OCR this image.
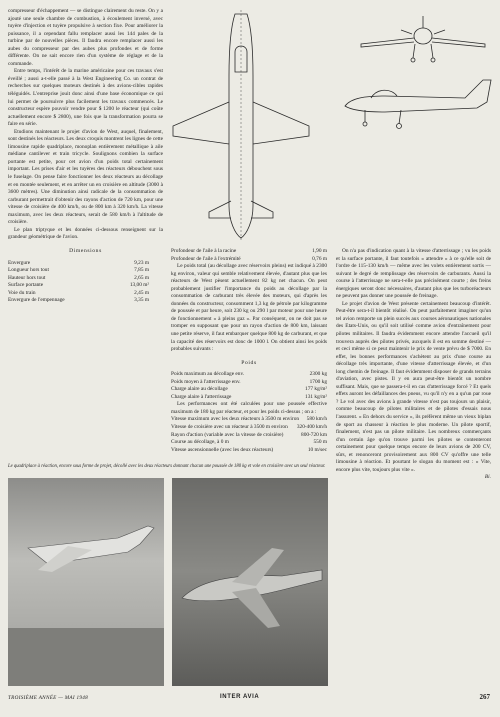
compresseur d'échappement — se distingue clairement du reste. On y a ajouté une seule chambre de combustion, à écoulement inversé, avec tuyère d'injection et tuyère propulsive à section fixe. Pour améliorer la puissance, il a cependant fallu remplacer aussi les 144 pales de la turbine par de nouvelles pièces. Il faudra encore remplacer aussi les aubes du compresseur par des aubes plus profondes et de forme différente. On ne sait encore rien d'un système de réglage et de la commande.

Entre temps, l'intérêt de la marine américaine pour ces travaux s'est éveillé ; aussi a-t-elle passé à la West Engineering Co. un contrat de recherches sur quelques moteurs destinés à des avions-cibles rapides téléguidés. L'entreprise jouit donc ainsi d'une base économique ce qui lui permet de poursuivre plus facilement les travaux commencés. Le constructeur espère pouvoir vendre pour $ 1200 le réacteur (qui coûte actuellement encore $ 2800), une fois que la transformation pourra se faire en série.

Etudions maintenant le projet d'avion de West, auquel, finalement, sont destinés les réacteurs. Les deux croquis montrent les lignes de cette limousine rapide quadriplace, monoplan entièrement métallique à aile médiane cantilever et train tricycle. Soulignons combien la surface portante est petite, pour cet avion d'un poids total certainement important. Les prises d'air et les tuyères des réacteurs débouchent sous le fuselage. On pense faire fonctionner les deux réacteurs au décollage et en montée seulement, et en arrêter un en croisière en altitude (3000 à 3600 mètres). Une diminution ainsi radicale de la consommation de carburant permettrait d'obtenir des rayons d'action de 720 km, pour une vitesse de croisière de 400 km/h, ou de 800 km à 320 km/h. La vitesse maximum, avec les deux réacteurs, serait de 580 km/h à l'altitude de croisière.

Le plan triptyque et les données ci-dessous renseignent sur la grandeur géométrique de l'avion.

Dimensions
Envergure	9,23 m
Longueur hors tout	7,85 m
Hauteur hors tout	2,65 m
Surface portante	13,00 m²
Voie du train	2,45 m
Envergure de l'empennage	3,35 m
Profondeur de l'aile à la racine	1,90 m
Profondeur de l'aile à l'extrémité	0,76 m

Le poids total (au décollage avec réservoirs pleins) est indiqué à 2300 kg environ, valeur qui semble relativement élevée, d'autant plus que les réacteurs de West pèsent actuellement 82 kg net chacun. On peut probablement justifier l'importance du poids au décollage par la consommation de carburant très élevée des moteurs, qui d'après les données du constructeur, consomment 1,3 kg de pétrole par kilogramme de poussée et par heure, soit 230 kg ou 290 l par moteur pour une heure de fonctionnement « à pleins gaz ». Par conséquent, on ne doit pas se tromper en supposant que pour un rayon d'action de 800 km, laissant une petite réserve, il faut embarquer quelque 800 kg de carburant, et que la capacité des réservoirs est donc de 1000 l. On obtient ainsi les poids probables suivants :

Poids
Poids maximum au décollage env.	2300 kg
Poids moyen à l'atterrissage env.	1700 kg
Charge alaire au décollage	177 kg/m²
Charge alaire à l'atterrissage	131 kg/m²

Les performances ont été calculées pour une poussée effective maximum de 180 kg par réacteur, et pour les poids ci-dessus ; on a :

Vitesse maximum avec les deux réacteurs à 3500 m environ 580 km/h
Vitesse de croisière avec un réacteur à 3500 m environ 320-400 km/h
Rayon d'action (variable avec la vitesse de croisière)	800-720 km
Course au décollage, à 0 m	550 m
Vitesse ascensionnelle (avec les deux réacteurs)	10 m/sec

On n'a pas d'indication quant à la vitesse d'atterrissage ; vu les poids et la surface portante, il faut toutefois « attendre » à ce qu'elle soit de l'ordre de 115-130 km/h — même avec les volets entièrement sortis — suivant le degré de remplissage des réservoirs de carburants. Aussi la course à l'atterrissage ne sera-t-elle pas précisément courte ; des freins énergiques seront donc nécessaires, d'autant plus que les turboréacteurs ne peuvent pas donner une poussée de freinage.

Le projet d'avion de West présente certainement beaucoup d'intérêt. Peut-être sera-t-il bientôt réalisé. On peut parfaitement imaginer qu'un tel avion remporte un plein succès aux courses aéronautiques nationales des Etats-Unis, ou qu'il soit utilisé comme avion d'entraînement pour pilotes militaires. Il faudra évidemment encore attendre l'accueil qu'il trouvera auprès des pilotes privés, auxquels il est en somme destiné — et ceci même si ce peut maintenir le prix de vente prévu de $ 7000. En effet, les bonnes performances s'achètent au prix d'une course au décollage très importante, d'une vitesse d'atterrissage élevée, et d'un long chemin de freinage. Il faut évidemment disposer de grands terrains d'aviation, avec pistes. Il y en aura peut-être bientôt un nombre suffisant. Mais, que se passera-t-il en cas d'atterrissage forcé ? Et quels effets auront les défaillances des pneus, vu qu'il n'y en a qu'un par roue ? Le vol avec des avions à grande vitesse n'est pas toujours un plaisir, comme beaucoup de pilotes militaires et de pilotes d'essais nous l'assurent. « En dehors du service », ils préfèrent même un vieux biplan de sport au chasseur à réaction le plus moderne. Un pilote sportif, finalement, n'est pas un pilote militaire. Les nombreux commerçants d'un certain âge qu'on trouve parmi les pilotes se contenteront certainement pour quelque temps encore de leurs avions de 200 CV, sûrs, et renonceront provisoirement aux 800 CV qu'offre une telle limousine à réaction. Et pourtant le slogan du moment est : « Vite, encore plus vite, toujours plus vite ».

Bi.
Le quadriplace à réaction, encore sous forme de projet, décollé avec les deux réacteurs donnant chacun une poussée de 180 kg et vole en croisière avec un seul réacteur.
TROISIÈME ANNÉE — MAI 1948	INTER AVIA	267
